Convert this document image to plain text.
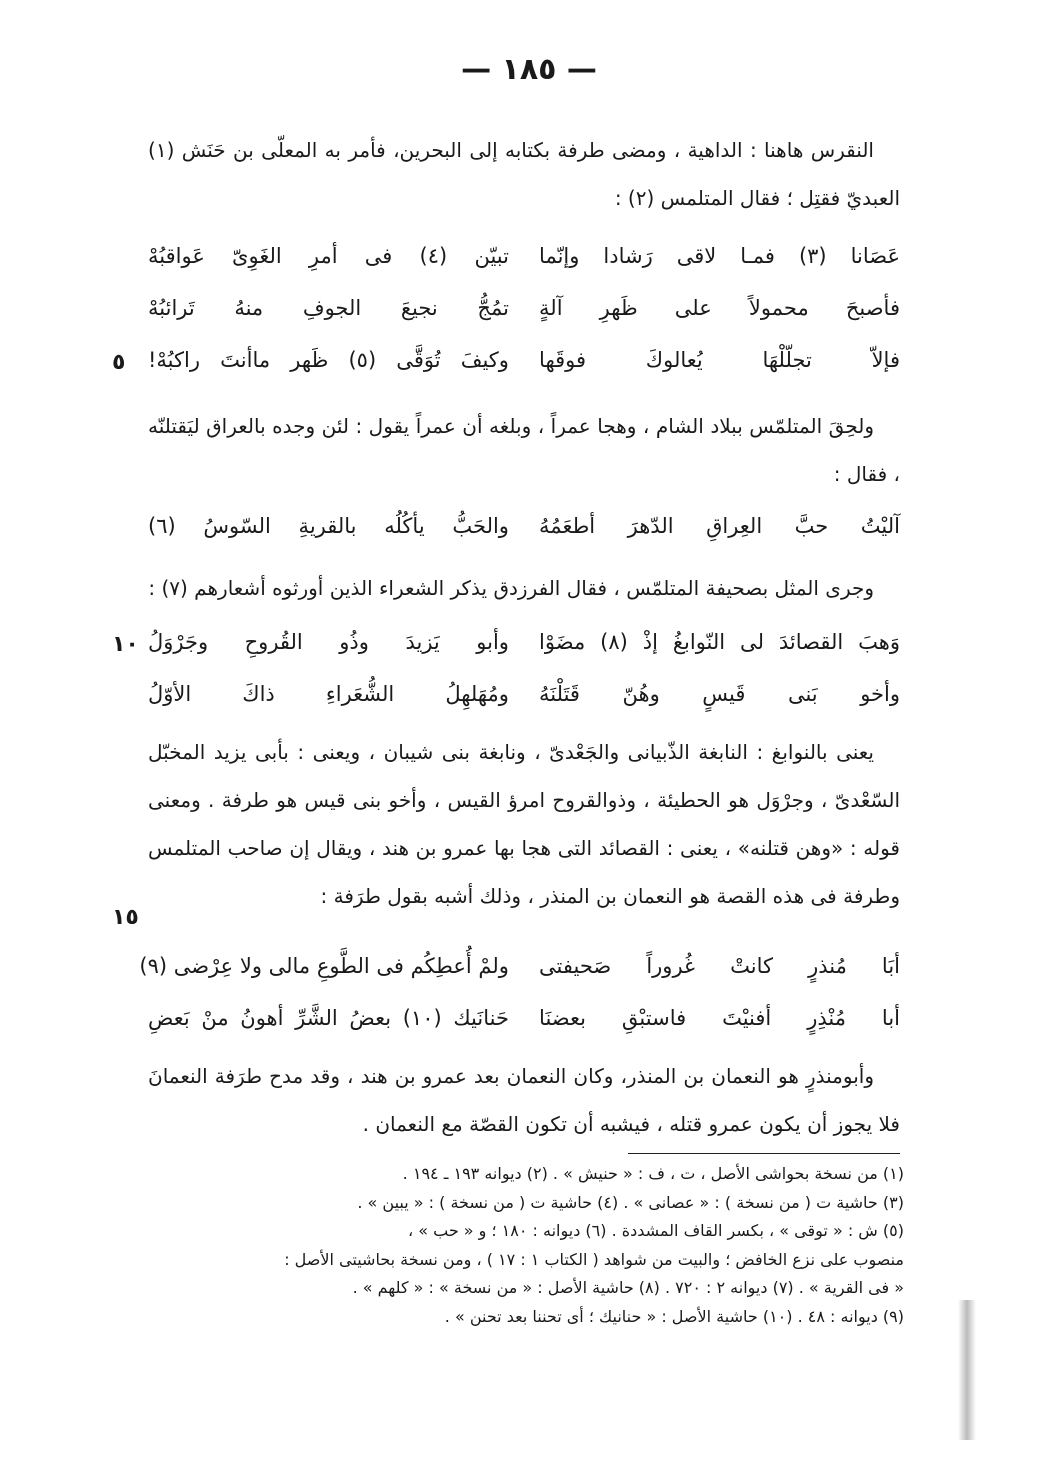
— ١٨٥ —
٥
١٠
١٥

النقرس هاهنا : الداهية ، ومضى طرفة بكتابه إلى البحرين، فأمر به المعلّى بن حَنَش (١) العبديّ فقتِل ؛ فقال المتلمس (٢) :

عَصَانا (٣) فمـا لاقى رَشادا وإنّما
تبيّن (٤) فى أمرِ الغَوِىّ عَواقبُهْ
فأصبحَ محمولاً على ظَهرِ آلةٍ
تمُجُّ نجيعَ الجوفِ منهُ تَرائبُهْ
فإلاّ تجلّلْهَا يُعالوكَ فوقَها
وكيفَ تُوَقَّى (٥) ظَهر ماأنتَ راكبُهْ!

ولحِقَ المتلمّس ببلاد الشام ، وهجا عمراً ، وبلغه أن عمراً يقول : لئن وجده بالعراق ليَقتلنّه ، فقال :

آليْتُ حبَّ العِراقِ الدّهرَ أطعَمُهُ
والحَبُّ يأكُلُه بالقريةِ السّوسُ (٦)

وجرى المثل بصحيفة المتلمّس ، فقال الفرزدق يذكر الشعراء الذين أورثوه أشعارهم (٧) :

وَهبَ القصائدَ لى النّوابغُ إذْ (٨) مضَوْا
وأبو يَزيدَ وذُو القُروحِ وجَرْوَلُ
وأخو بَنى قَيسٍ وهُنّ قَتَلْنَهُ
ومُهَلهِلُ الشُّعَراءِ ذاكَ الأوّلُ

يعنى بالنوابغ : النابغة الذّبيانى والجَعْدىّ ، ونابغة بنى شيبان ، ويعنى : بأبى يزيد المخبّل السّعْدىّ ، وجرْوَل هو الحطيئة ، وذوالقروح امرؤ القيس ، وأخو بنى قيس هو طرفة . ومعنى قوله : «وهن قتلنه» ، يعنى : القصائد التى هجا بها عمرو بن هند ، ويقال إن صاحب المتلمس وطرفة فى هذه القصة هو النعمان بن المنذر ، وذلك أشبه بقول طرَفة :

أبَا مُنذرٍ كانتْ غُروراً صَحيفتى
ولمْ أُعطِكُم فى الطَّوعِ مالى ولا عِرْضى (٩)
أبا مُنْذِرٍ أفنيْتَ فاستبْقِ بعضنَا
حَنانَيك (١٠) بعضُ الشَّرِّ أهونُ منْ بَعضِ

وأبومنذرٍ هو النعمان بن المنذر، وكان النعمان بعد عمرو بن هند ، وقد مدح طرَفة النعمانَ فلا يجوز أن يكون عمرو قتله ، فيشبه أن تكون القصّة مع النعمان .

(١) من نسخة بحواشى الأصل ، ت ، ف : « حنيش » . (٢) ديوانه ١٩٣ ـ ١٩٤ .
(٣) حاشية ت ( من نسخة ) : « عصانى » . (٤) حاشية ت ( من نسخة ) : « يبين » .
(٥) ش : « توقى » ، بكسر القاف المشددة . (٦) ديوانه : ١٨٠ ؛ و « حب » ،
منصوب على نزع الخافض ؛ والبيت من شواهد ( الكتاب ١ : ١٧ ) ، ومن نسخة بحاشيتى الأصل :
« فى القرية » . (٧) ديوانه ٢ : ٧٢٠ . (٨) حاشية الأصل : « من نسخة » : « كلهم » .
(٩) ديوانه : ٤٨ . (١٠) حاشية الأصل : « حنانيك ؛ أى تحننا بعد تحنن » .
